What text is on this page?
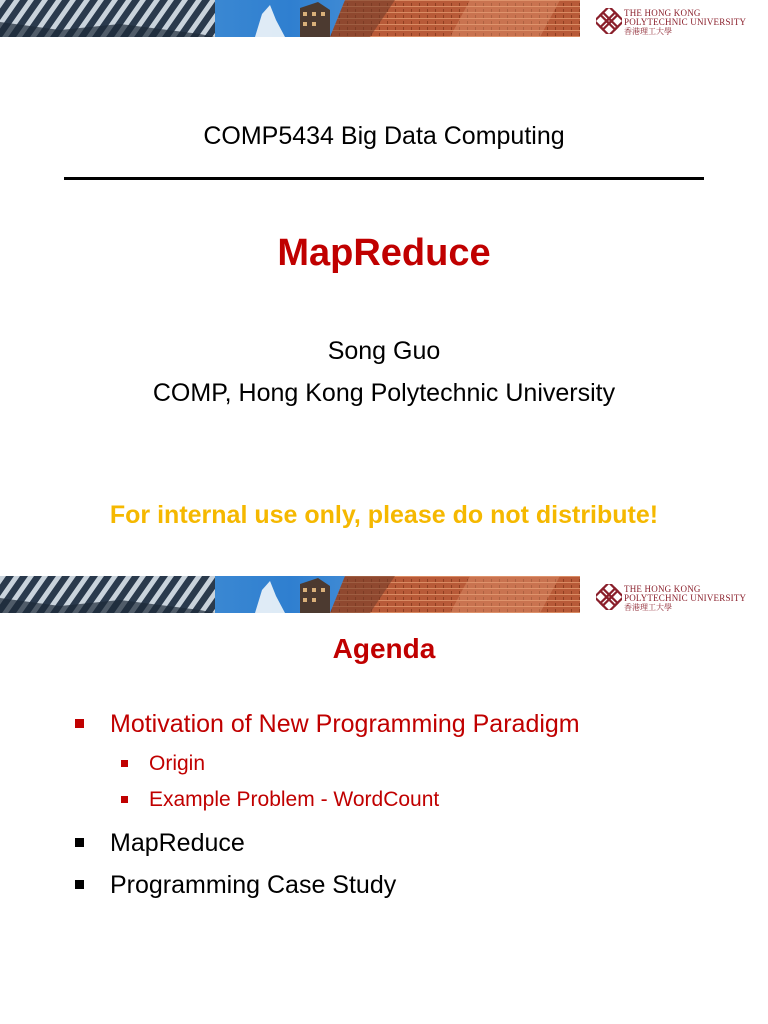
THE HONG KONG
POLYTECHNIC UNIVERSITY
香港理工大學
COMP5434 Big Data Computing
MapReduce
Song Guo
COMP, Hong Kong Polytechnic University
For internal use only, please do not distribute!
THE HONG KONG
POLYTECHNIC UNIVERSITY
香港理工大學
Agenda
Motivation of New Programming Paradigm
Origin
Example Problem - WordCount
MapReduce
Programming Case Study
